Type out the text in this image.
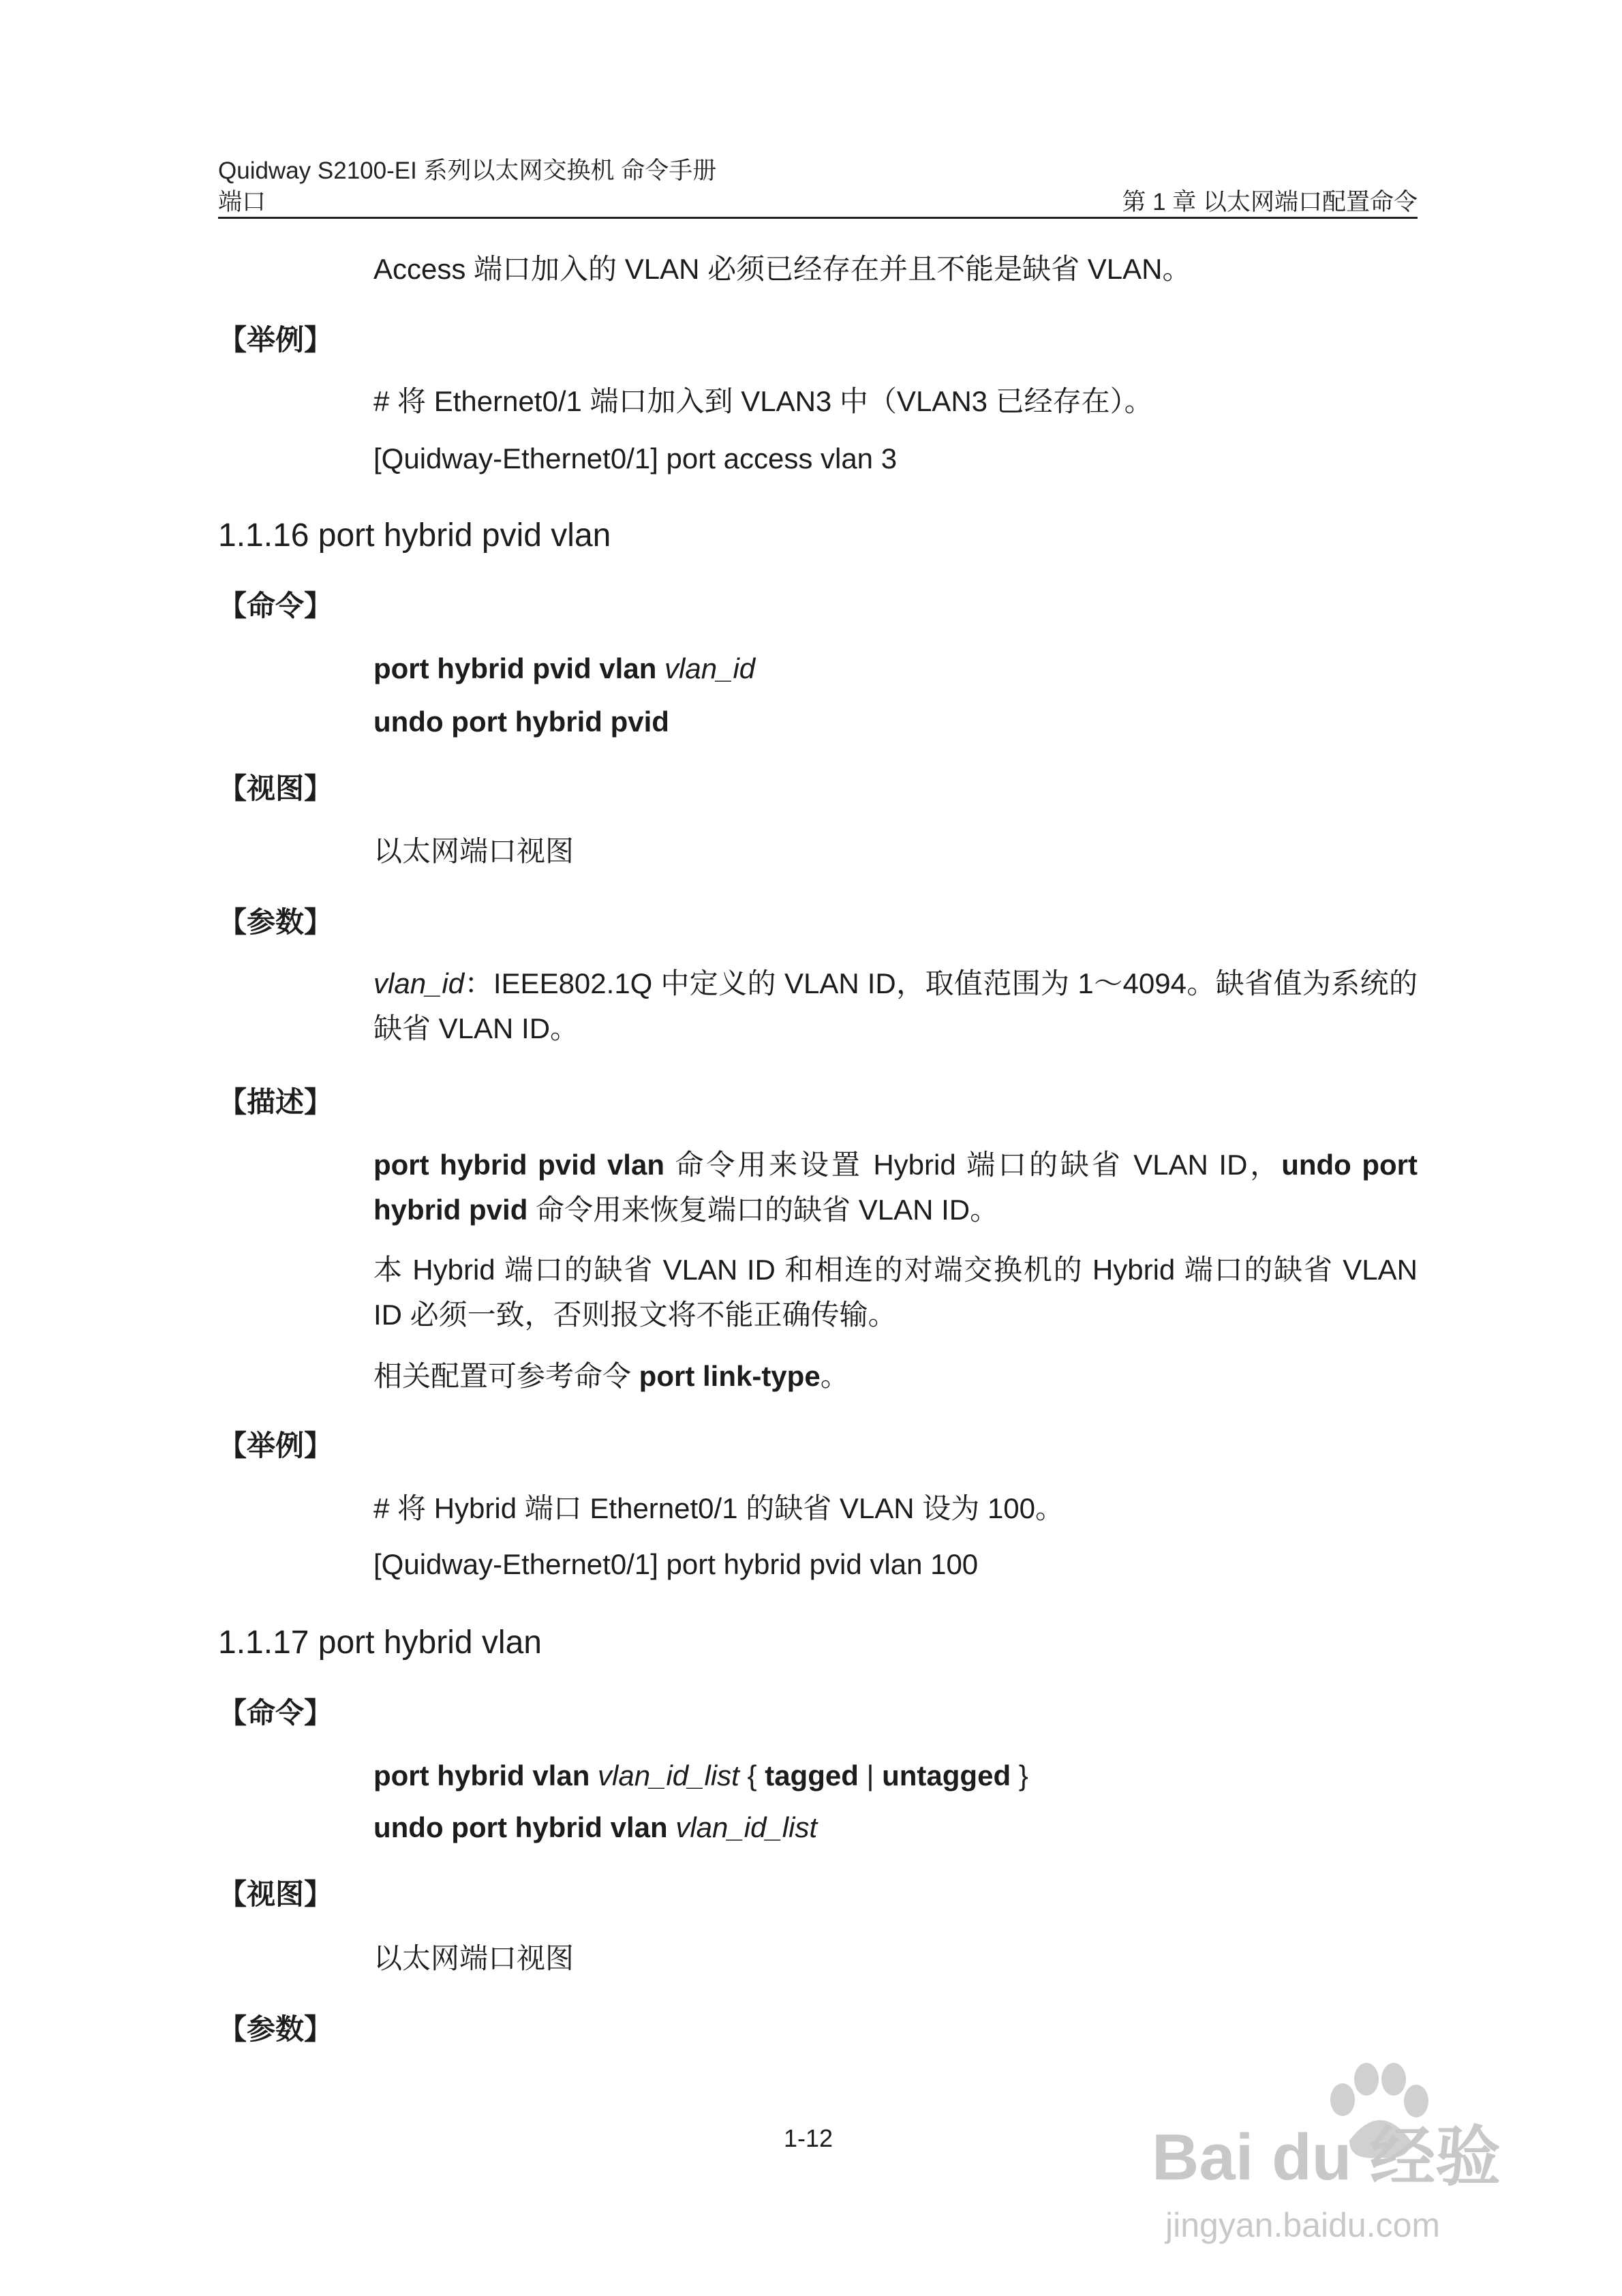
Quidway S2100-EI 系列以太网交换机 命令手册
端口	第 1 章 以太网端口配置命令
Access 端口加入的 VLAN 必须已经存在并且不能是缺省 VLAN。
【举例】
# 将 Ethernet0/1 端口加入到 VLAN3 中（VLAN3 已经存在）。
[Quidway-Ethernet0/1] port access vlan 3
1.1.16 port hybrid pvid vlan
【命令】
port hybrid pvid vlan vlan_id
undo port hybrid pvid
【视图】
以太网端口视图
【参数】
vlan_id：IEEE802.1Q 中定义的 VLAN ID，取值范围为 1～4094。缺省值为系统的缺省 VLAN ID。
【描述】
port hybrid pvid vlan 命令用来设置 Hybrid 端口的缺省 VLAN ID，undo port hybrid pvid 命令用来恢复端口的缺省 VLAN ID。
本 Hybrid 端口的缺省 VLAN ID 和相连的对端交换机的 Hybrid 端口的缺省 VLAN ID 必须一致，否则报文将不能正确传输。
相关配置可参考命令 port link-type。
【举例】
# 将 Hybrid 端口 Ethernet0/1 的缺省 VLAN 设为 100。
[Quidway-Ethernet0/1] port hybrid pvid vlan 100
1.1.17 port hybrid vlan
【命令】
port hybrid vlan vlan_id_list { tagged | untagged }
undo port hybrid vlan vlan_id_list
【视图】
以太网端口视图
【参数】
1-12	Bai du 经验
jingyan.baidu.com
